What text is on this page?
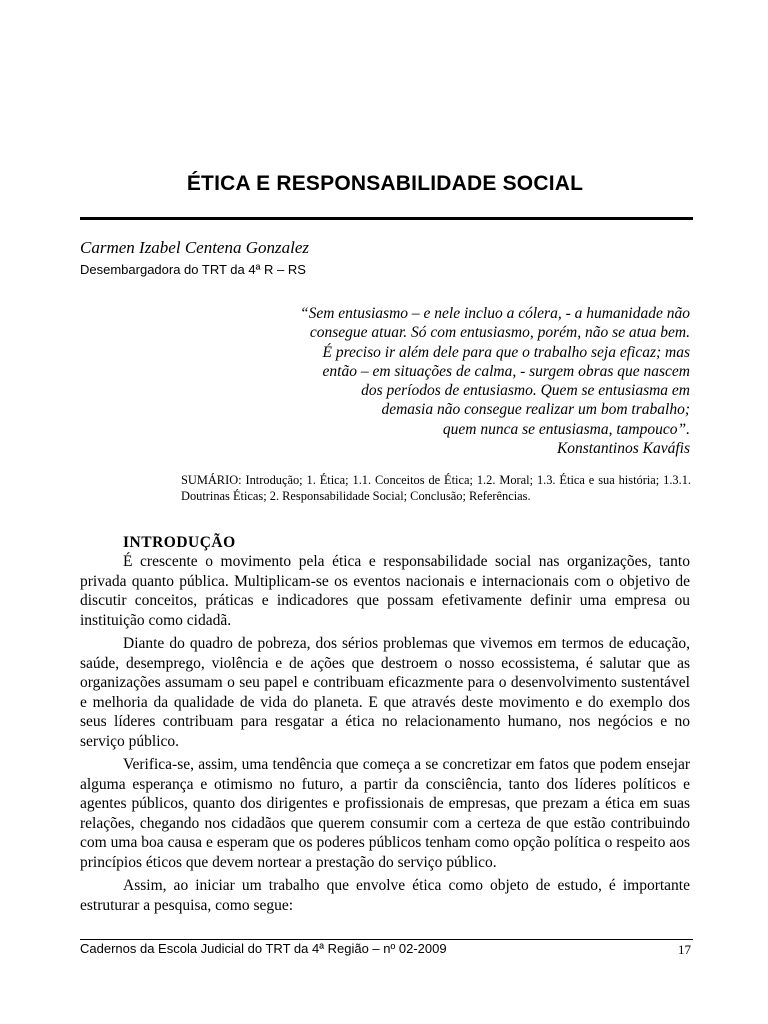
ÉTICA E RESPONSABILIDADE SOCIAL
Carmen Izabel Centena Gonzalez
Desembargadora do TRT da 4ª R – RS
“Sem entusiasmo – e nele incluo a cólera, - a humanidade não
consegue atuar. Só com entusiasmo, porém, não se atua bem.
É preciso ir além dele para que o trabalho seja eficaz; mas
então – em situações de calma, - surgem obras que nascem
dos períodos de entusiasmo. Quem se entusiasma em
demasia não consegue realizar um bom trabalho;
quem nunca se entusiasma, tampouco”.
Konstantinos Kaváfis
SUMÁRIO: Introdução; 1. Ética; 1.1. Conceitos de Ética; 1.2. Moral; 1.3. Ética e sua história; 1.3.1. Doutrinas Éticas; 2. Responsabilidade Social; Conclusão; Referências.
INTRODUÇÃO

É crescente o movimento pela ética e responsabilidade social nas organizações, tanto privada quanto pública. Multiplicam-se os eventos nacionais e internacionais com o objetivo de discutir conceitos, práticas e indicadores que possam efetivamente definir uma empresa ou instituição como cidadã.

Diante do quadro de pobreza, dos sérios problemas que vivemos em termos de educação, saúde, desemprego, violência e de ações que destroem o nosso ecossistema, é salutar que as organizações assumam o seu papel e contribuam eficazmente para o desenvolvimento sustentável e melhoria da qualidade de vida do planeta. E que através deste movimento e do exemplo dos seus líderes contribuam para resgatar a ética no relacionamento humano, nos negócios e no serviço público.

Verifica-se, assim, uma tendência que começa a se concretizar em fatos que podem ensejar alguma esperança e otimismo no futuro, a partir da consciência, tanto dos líderes políticos e agentes públicos, quanto dos dirigentes e profissionais de empresas, que prezam a ética em suas relações, chegando nos cidadãos que querem consumir com a certeza de que estão contribuindo com uma boa causa e esperam que os poderes públicos tenham como opção política o respeito aos princípios éticos que devem nortear a prestação do serviço público.

Assim, ao iniciar um trabalho que envolve ética como objeto de estudo, é importante estruturar a pesquisa, como segue:

Cadernos da Escola Judicial do TRT da 4ª Região – nº 02-2009	17
